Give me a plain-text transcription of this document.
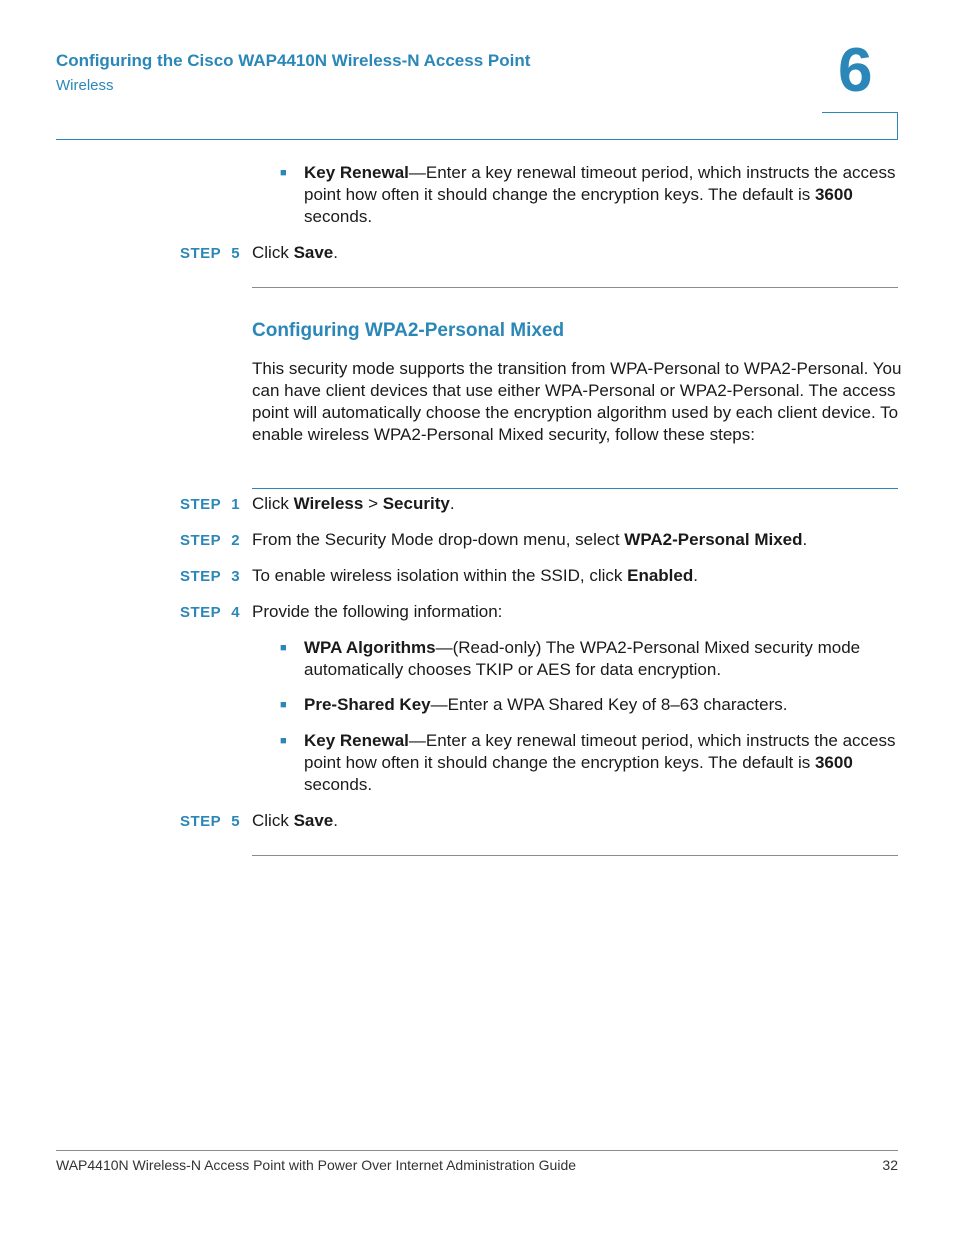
Configuring the Cisco WAP4410N Wireless-N Access Point
Wireless	6
■ Key Renewal—Enter a key renewal timeout period, which instructs the access point how often it should change the encryption keys. The default is 3600 seconds.
STEP 5 Click Save.
Configuring WPA2-Personal Mixed
This security mode supports the transition from WPA-Personal to WPA2-Personal. You can have client devices that use either WPA-Personal or WPA2-Personal. The access point will automatically choose the encryption algorithm used by each client device. To enable wireless WPA2-Personal Mixed security, follow these steps:
STEP 1 Click Wireless > Security.
STEP 2 From the Security Mode drop-down menu, select WPA2-Personal Mixed.
STEP 3 To enable wireless isolation within the SSID, click Enabled.
STEP 4 Provide the following information:
■ WPA Algorithms—(Read-only) The WPA2-Personal Mixed security mode automatically chooses TKIP or AES for data encryption.
■ Pre-Shared Key—Enter a WPA Shared Key of 8–63 characters.
■ Key Renewal—Enter a key renewal timeout period, which instructs the access point how often it should change the encryption keys. The default is 3600 seconds.
STEP 5 Click Save.
WAP4410N Wireless-N Access Point with Power Over Internet Administration Guide	32
